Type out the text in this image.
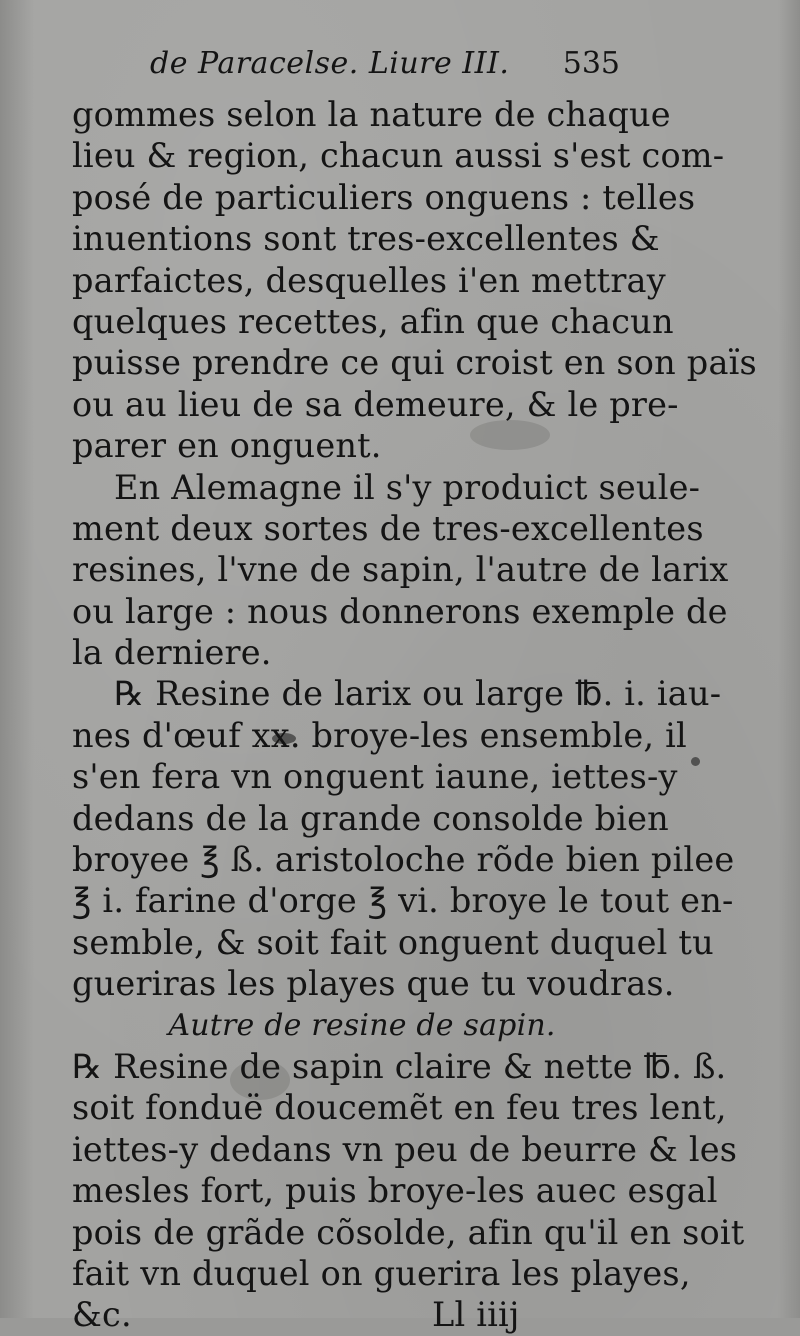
de Paracelse. Liure III. 535
gommes selon la nature de chaque
lieu & region, chacun aussi s'est com-
posé de particuliers onguens : telles
inuentions sont tres-excellentes &
parfaictes, desquelles i'en mettray
quelques recettes, afin que chacun
puisse prendre ce qui croist en son païs
ou au lieu de sa demeure, & le pre-
parer en onguent.
En Alemagne il s'y produict seule-
ment deux sortes de tres-excellentes
resines, l'vne de sapin, l'autre de larix
ou large : nous donnerons exemple de
la derniere.
℞ Resine de larix ou large ℔. i. iau-
nes d'œuf xx. broye-les ensemble, il
s'en fera vn onguent iaune, iettes-y
dedans de la grande consolde bien
broyee ℥ ß. aristoloche rõde bien pilee
℥ i. farine d'orge ℥ vi. broye le tout en-
semble, & soit fait onguent duquel tu
gueriras les playes que tu voudras.
Autre de resine de sapin.
℞ Resine de sapin claire & nette ℔. ß.
soit fonduë doucemẽt en feu tres lent,
iettes-y dedans vn peu de beurre & les
mesles fort, puis broye-les auec esgal
pois de grãde cõsolde, afin qu'il en soit
fait vn duquel on guerira les playes,
&c.	Ll iiij
